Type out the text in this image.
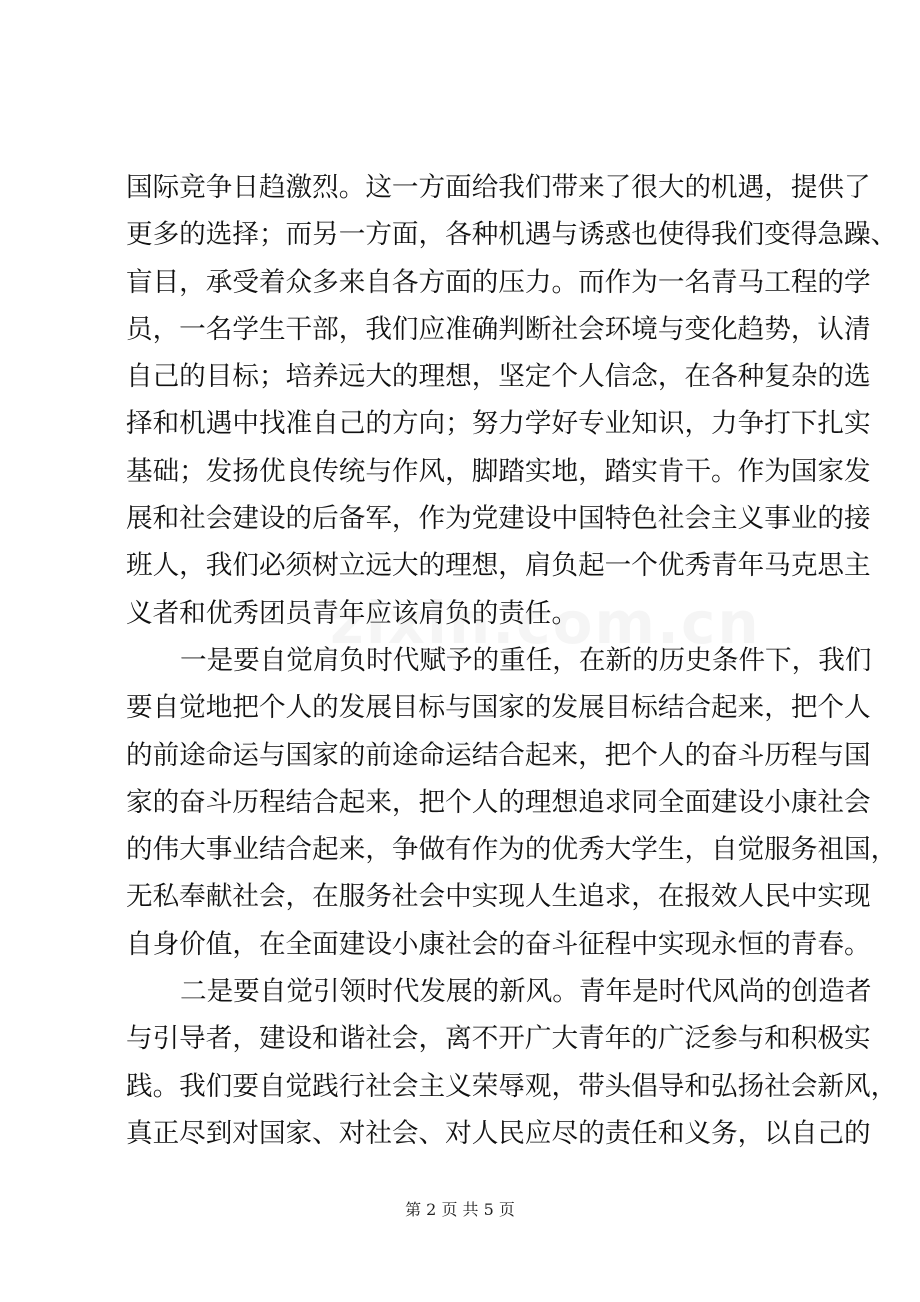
国际竞争日趋激烈。这一方面给我们带来了很大的机遇，提供了
更多的选择；而另一方面，各种机遇与诱惑也使得我们变得急躁、
盲目，承受着众多来自各方面的压力。而作为一名青马工程的学
员，一名学生干部，我们应准确判断社会环境与变化趋势，认清
自己的目标；培养远大的理想，坚定个人信念，在各种复杂的选
择和机遇中找准自己的方向；努力学好专业知识，力争打下扎实
基础；发扬优良传统与作风，脚踏实地，踏实肯干。作为国家发
展和社会建设的后备军，作为党建设中国特色社会主义事业的接
班人，我们必须树立远大的理想，肩负起一个优秀青年马克思主
义者和优秀团员青年应该肩负的责任。
一是要自觉肩负时代赋予的重任，在新的历史条件下，我们
要自觉地把个人的发展目标与国家的发展目标结合起来，把个人
的前途命运与国家的前途命运结合起来，把个人的奋斗历程与国
家的奋斗历程结合起来，把个人的理想追求同全面建设小康社会
的伟大事业结合起来，争做有作为的优秀大学生，自觉服务祖国，
无私奉献社会，在服务社会中实现人生追求，在报效人民中实现
自身价值，在全面建设小康社会的奋斗征程中实现永恒的青春。
二是要自觉引领时代发展的新风。青年是时代风尚的创造者
与引导者，建设和谐社会，离不开广大青年的广泛参与和积极实
践。我们要自觉践行社会主义荣辱观，带头倡导和弘扬社会新风，
真正尽到对国家、对社会、对人民应尽的责任和义务，以自己的
第 2 页 共 5 页
